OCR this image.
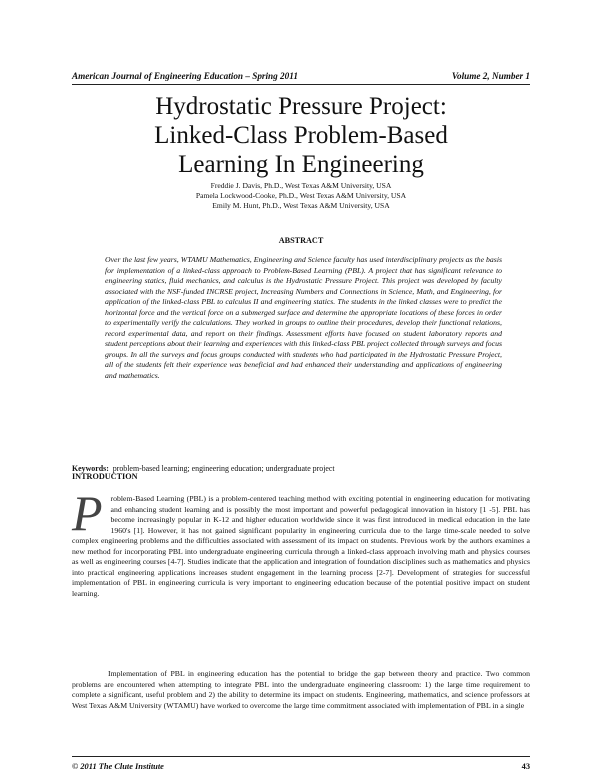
American Journal of Engineering Education – Spring 2011	Volume 2, Number 1
Hydrostatic Pressure Project:
Linked-Class Problem-Based
Learning In Engineering
Freddie J. Davis, Ph.D., West Texas A&M University, USA
Pamela Lockwood-Cooke, Ph.D., West Texas A&M University, USA
Emily M. Hunt, Ph.D., West Texas A&M University, USA
ABSTRACT
Over the last few years, WTAMU Mathematics, Engineering and Science faculty has used interdisciplinary projects as the basis for implementation of a linked-class approach to Problem-Based Learning (PBL). A project that has significant relevance to engineering statics, fluid mechanics, and calculus is the Hydrostatic Pressure Project. This project was developed by faculty associated with the NSF-funded INCRSE project, Increasing Numbers and Connections in Science, Math, and Engineering, for application of the linked-class PBL to calculus II and engineering statics. The students in the linked classes were to predict the horizontal force and the vertical force on a submerged surface and determine the appropriate locations of these forces in order to experimentally verify the calculations. They worked in groups to outline their procedures, develop their functional relations, record experimental data, and report on their findings. Assessment efforts have focused on student laboratory reports and student perceptions about their learning and experiences with this linked-class PBL project collected through surveys and focus groups. In all the surveys and focus groups conducted with students who had participated in the Hydrostatic Pressure Project, all of the students felt their experience was beneficial and had enhanced their understanding and applications of engineering and mathematics.
Keywords: problem-based learning; engineering education; undergraduate project
INTRODUCTION
P roblem-Based Learning (PBL) is a problem-centered teaching method with exciting potential in engineering education for motivating and enhancing student learning and is possibly the most important and powerful pedagogical innovation in history [1 -5]. PBL has become increasingly popular in K-12 and higher education worldwide since it was first introduced in medical education in the late 1960's [1]. However, it has not gained significant popularity in engineering curricula due to the large time-scale needed to solve complex engineering problems and the difficulties associated with assessment of its impact on students. Previous work by the authors examines a new method for incorporating PBL into undergraduate engineering curricula through a linked-class approach involving math and physics courses as well as engineering courses [4-7]. Studies indicate that the application and integration of foundation disciplines such as mathematics and physics into practical engineering applications increases student engagement in the learning process [2-7]. Development of strategies for successful implementation of PBL in engineering curricula is very important to engineering education because of the potential positive impact on student learning.
Implementation of PBL in engineering education has the potential to bridge the gap between theory and practice. Two common problems are encountered when attempting to integrate PBL into the undergraduate engineering classroom: 1) the large time requirement to complete a significant, useful problem and 2) the ability to determine its impact on students. Engineering, mathematics, and science professors at West Texas A&M University (WTAMU) have worked to overcome the large time commitment associated with implementation of PBL in a single
© 2011 The Clute Institute	43
